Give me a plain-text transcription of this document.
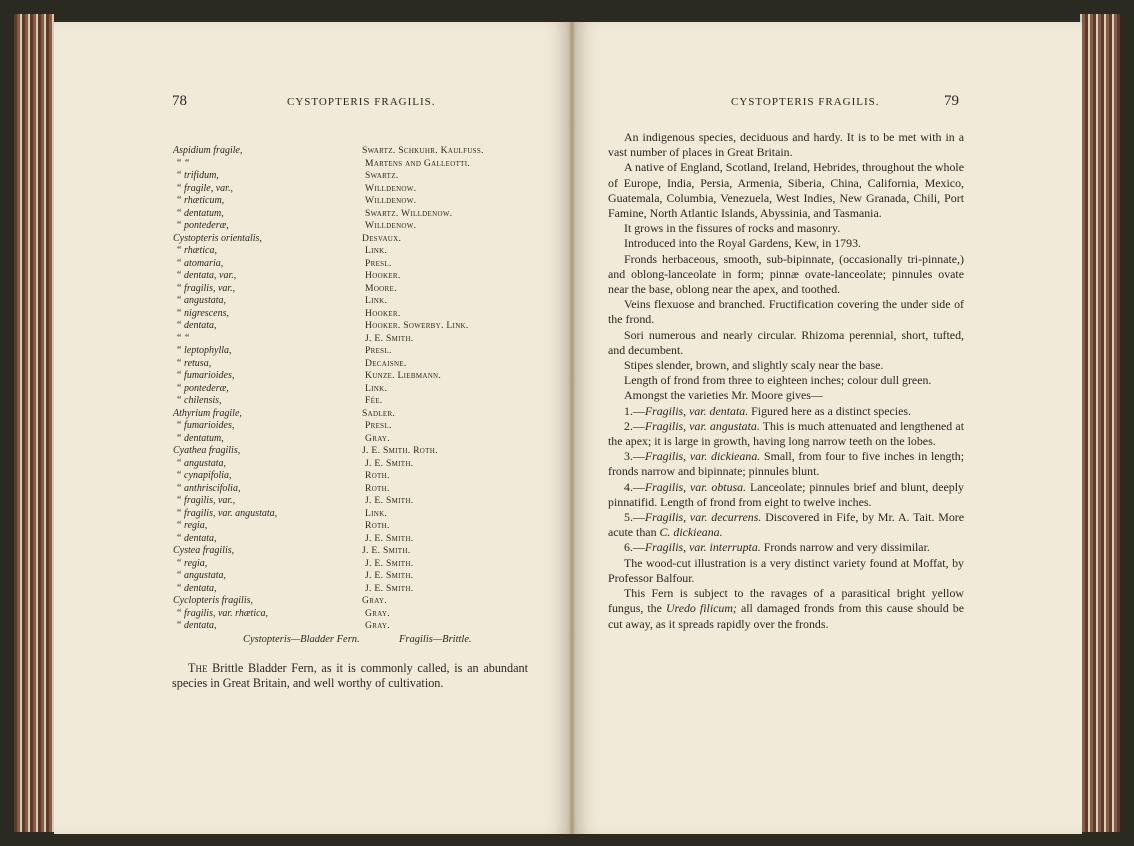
78	CYSTOPTERIS FRAGILIS.
Aspidium fragile,	Swartz. Schkuhr. Kaulfuss.
“ “	Martens and Galleotti.
“ trifidum,	Swartz.
“ fragile, var.,	Willdenow.
“ rhæticum,	Willdenow.
“ dentatum,	Swartz. Willdenow.
“ pontederæ,	Willdenow.
Cystopteris orientalis,	Desvaux.
“ rhætica,	Link.
“ atomaria,	Presl.
“ dentata, var.,	Hooker.
“ fragilis, var.,	Moore.
“ angustata,	Link.
“ nigrescens,	Hooker.
“ dentata,	Hooker. Sowerby. Link.
“ “	J. E. Smith.
“ leptophylla,	Presl.
“ retusa,	Decaisne.
“ fumarioides,	Kunze. Liebmann.
“ pontederæ,	Link.
“ chilensis,	Fée.
Athyrium fragile,	Sadler.
“ fumarioides,	Presl.
“ dentatum,	Gray.
Cyathea fragilis,	J. E. Smith. Roth.
“ angustata,	J. E. Smith.
“ cynapifolia,	Roth.
“ anthriscifolia,	Roth.
“ fragilis, var.,	J. E. Smith.
“ fragilis, var. angustata,	Link.
“ regia,	Roth.
“ dentata,	J. E. Smith.
Cystea fragilis,	J. E. Smith.
“ regia,	J. E. Smith.
“ angustata,	J. E. Smith.
“ dentata,	J. E. Smith.
Cyclopteris fragilis,	Gray.
“ fragilis, var. rhætica,	Gray.
“ dentata,	Gray.
Cystopteris—Bladder Fern.	Fragilis—Brittle.
The Brittle Bladder Fern, as it is commonly called, is an abundant species in Great Britain, and well worthy of cultivation.
CYSTOPTERIS FRAGILIS.	79

An indigenous species, deciduous and hardy. It is to be met with in a vast number of places in Great Britain.

A native of England, Scotland, Ireland, Hebrides, throughout the whole of Europe, India, Persia, Armenia, Siberia, China, California, Mexico, Guatemala, Columbia, Venezuela, West Indies, New Granada, Chili, Port Famine, North Atlantic Islands, Abyssinia, and Tasmania.

It grows in the fissures of rocks and masonry.

Introduced into the Royal Gardens, Kew, in 1793.

Fronds herbaceous, smooth, sub-bipinnate, (occasionally tri-pinnate,) and oblong-lanceolate in form; pinnæ ovate-lanceolate; pinnules ovate near the base, oblong near the apex, and toothed.

Veins flexuose and branched. Fructification covering the under side of the frond.

Sori numerous and nearly circular. Rhizoma perennial, short, tufted, and decumbent.

Stipes slender, brown, and slightly scaly near the base.

Length of frond from three to eighteen inches; colour dull green.

Amongst the varieties Mr. Moore gives—

1.—Fragilis, var. dentata. Figured here as a distinct species.

2.—Fragilis, var. angustata. This is much attenuated and lengthened at the apex; it is large in growth, having long narrow teeth on the lobes.

3.—Fragilis, var. dickieana. Small, from four to five inches in length; fronds narrow and bipinnate; pinnules blunt.

4.—Fragilis, var. obtusa. Lanceolate; pinnules brief and blunt, deeply pinnatifid. Length of frond from eight to twelve inches.

5.—Fragilis, var. decurrens. Discovered in Fife, by Mr. A. Tait. More acute than C. dickieana.

6.—Fragilis, var. interrupta. Fronds narrow and very dissimilar.

The wood-cut illustration is a very distinct variety found at Moffat, by Professor Balfour.

This Fern is subject to the ravages of a parasitical bright yellow fungus, the Uredo filicum; all damaged fronds from this cause should be cut away, as it spreads rapidly over the fronds.
